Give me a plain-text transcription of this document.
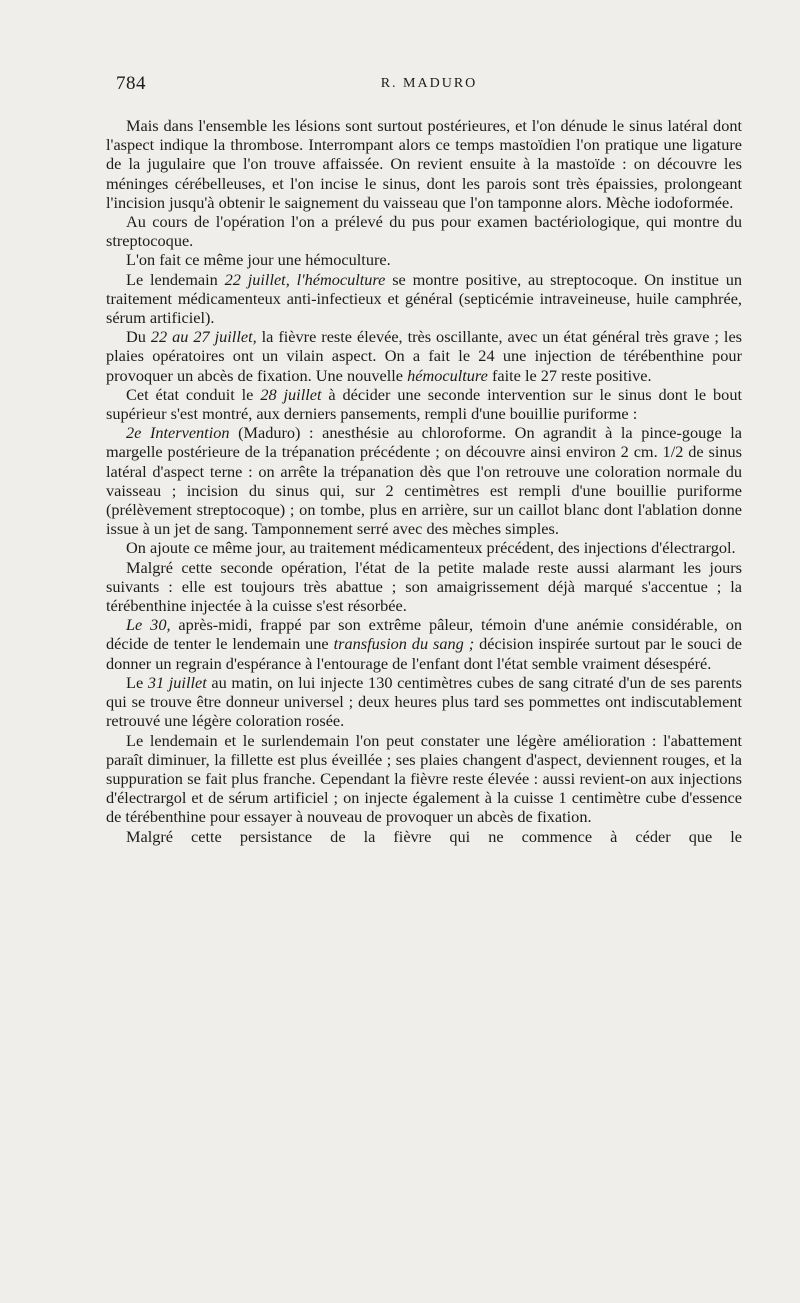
784	R. MADURO

Mais dans l'ensemble les lésions sont surtout postérieures, et l'on dénude le sinus latéral dont l'aspect indique la thrombose. Interrompant alors ce temps mastoïdien l'on pratique une ligature de la jugulaire que l'on trouve affaissée. On revient ensuite à la mastoïde : on découvre les méninges cérébelleuses, et l'on incise le sinus, dont les parois sont très épaissies, prolongeant l'incision jusqu'à obtenir le saignement du vaisseau que l'on tamponne alors. Mèche iodoformée.

Au cours de l'opération l'on a prélevé du pus pour examen bactériologique, qui montre du streptocoque.

L'on fait ce même jour une hémoculture.

Le lendemain 22 juillet, l'hémoculture se montre positive, au streptocoque. On institue un traitement médicamenteux anti-infectieux et général (septicémie intraveineuse, huile camphrée, sérum artificiel).

Du 22 au 27 juillet, la fièvre reste élevée, très oscillante, avec un état général très grave ; les plaies opératoires ont un vilain aspect. On a fait le 24 une injection de térébenthine pour provoquer un abcès de fixation. Une nouvelle hémoculture faite le 27 reste positive.

Cet état conduit le 28 juillet à décider une seconde intervention sur le sinus dont le bout supérieur s'est montré, aux derniers pansements, rempli d'une bouillie puriforme :

2e Intervention (Maduro) : anesthésie au chloroforme. On agrandit à la pince-gouge la margelle postérieure de la trépanation précédente ; on découvre ainsi environ 2 cm. 1/2 de sinus latéral d'aspect terne : on arrête la trépanation dès que l'on retrouve une coloration normale du vaisseau ; incision du sinus qui, sur 2 centimètres est rempli d'une bouillie puriforme (prélèvement streptocoque) ; on tombe, plus en arrière, sur un caillot blanc dont l'ablation donne issue à un jet de sang. Tamponnement serré avec des mèches simples.

On ajoute ce même jour, au traitement médicamenteux précédent, des injections d'électrargol.

Malgré cette seconde opération, l'état de la petite malade reste aussi alarmant les jours suivants : elle est toujours très abattue ; son amaigrissement déjà marqué s'accentue ; la térébenthine injectée à la cuisse s'est résorbée.

Le 30, après-midi, frappé par son extrême pâleur, témoin d'une anémie considérable, on décide de tenter le lendemain une transfusion du sang ; décision inspirée surtout par le souci de donner un regrain d'espérance à l'entourage de l'enfant dont l'état semble vraiment désespéré.

Le 31 juillet au matin, on lui injecte 130 centimètres cubes de sang citraté d'un de ses parents qui se trouve être donneur universel ; deux heures plus tard ses pommettes ont indiscutablement retrouvé une légère coloration rosée.

Le lendemain et le surlendemain l'on peut constater une légère amélioration : l'abattement paraît diminuer, la fillette est plus éveillée ; ses plaies changent d'aspect, deviennent rouges, et la suppuration se fait plus franche. Cependant la fièvre reste élevée : aussi revient-on aux injections d'électrargol et de sérum artificiel ; on injecte également à la cuisse 1 centimètre cube d'essence de térébenthine pour essayer à nouveau de provoquer un abcès de fixation.

Malgré cette persistance de la fièvre qui ne commence à céder que le
